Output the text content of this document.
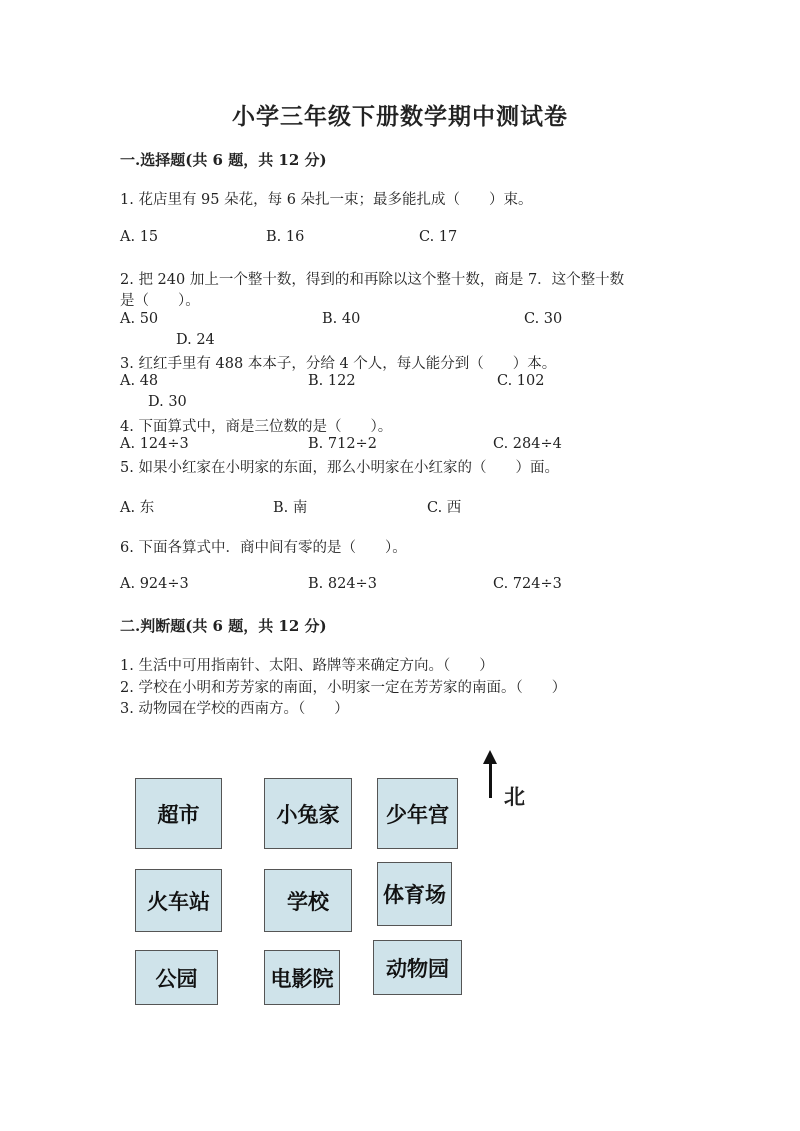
小学三年级下册数学期中测试卷
一.选择题(共 6 题，共 12 分)
1. 花店里有 95 朵花，每 6 朵扎一束；最多能扎成（　　）束。
A. 15	B. 16	C. 17
2. 把 240 加上一个整十数，得到的和再除以这个整十数，商是 7．这个整十数
是（　　）。
A. 50	B. 40	C. 30
D. 24
3. 红红手里有 488 本本子，分给 4 个人，每人能分到（　　）本。
A. 48	B. 122	C. 102
D. 30
4. 下面算式中，商是三位数的是（　　）。
A. 124÷3	B. 712÷2	C. 284÷4
5. 如果小红家在小明家的东面，那么小明家在小红家的（　　）面。
A. 东	B. 南	C. 西
6. 下面各算式中．商中间有零的是（　　）。
A. 924÷3	B. 824÷3	C. 724÷3
二.判断题(共 6 题，共 12 分)
1. 生活中可用指南针、太阳、路牌等来确定方向。（　　）
2. 学校在小明和芳芳家的南面，小明家一定在芳芳家的南面。（　　）
3. 动物园在学校的西南方。（　　）
北
超市	小兔家	少年宫
火车站	学校	体育场
公园	电影院	动物园
